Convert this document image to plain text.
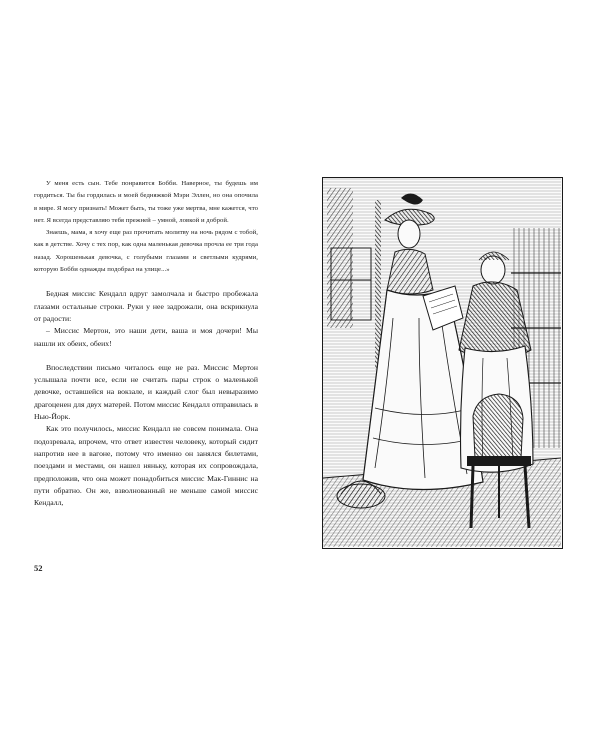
У меня есть сын. Тебе понравится Бобби. Наверное, ты будешь им гордиться. Ты бы гордилась и моей бедняжкой Мэри Эллен, но она опочила в мире. Я могу признать! Может быть, ты тоже уже мертва, мне кажется, что нет. Я всегда представляю тебя прежней – умной, ловкой и доброй.

Знаешь, мама, я хочу еще раз прочитать молитву на ночь рядом с тобой, как в детстве. Хочу с тех пор, как одна маленькая девочка прочла ее три года назад. Хорошенькая девочка, с голубыми глазами и светлыми кудрями, которую Бобби однажды подобрал на улице...»

Бедная миссис Кендалл вдруг замолчала и быстро пробежала глазами остальные строки. Руки у нее задрожали, она вскрикнула от радости:

– Миссис Мертон, это наши дети, ваша и моя дочери! Мы нашли их обеих, обеих!

Впоследствии письмо читалось еще не раз. Миссис Мертон услышала почти все, если не считать пары строк о маленькой девочке, оставшейся на вокзале, и каждый слог был невыразимо драгоценен для двух матерей. Потом миссис Кендалл отправилась в Нью-Йорк.

Как это получилось, миссис Кендалл не совсем понимала. Она подозревала, впрочем, что ответ известен человеку, который сидит напротив нее в вагоне, потому что именно он занялся билетами, поездами и местами, он нашел няньку, которая их сопровождала, предположив, что она может понадобиться миссис Мак-Гиннис на пути обратно. Он же, взволнованный не меньше самой миссис Кендалл,

52
